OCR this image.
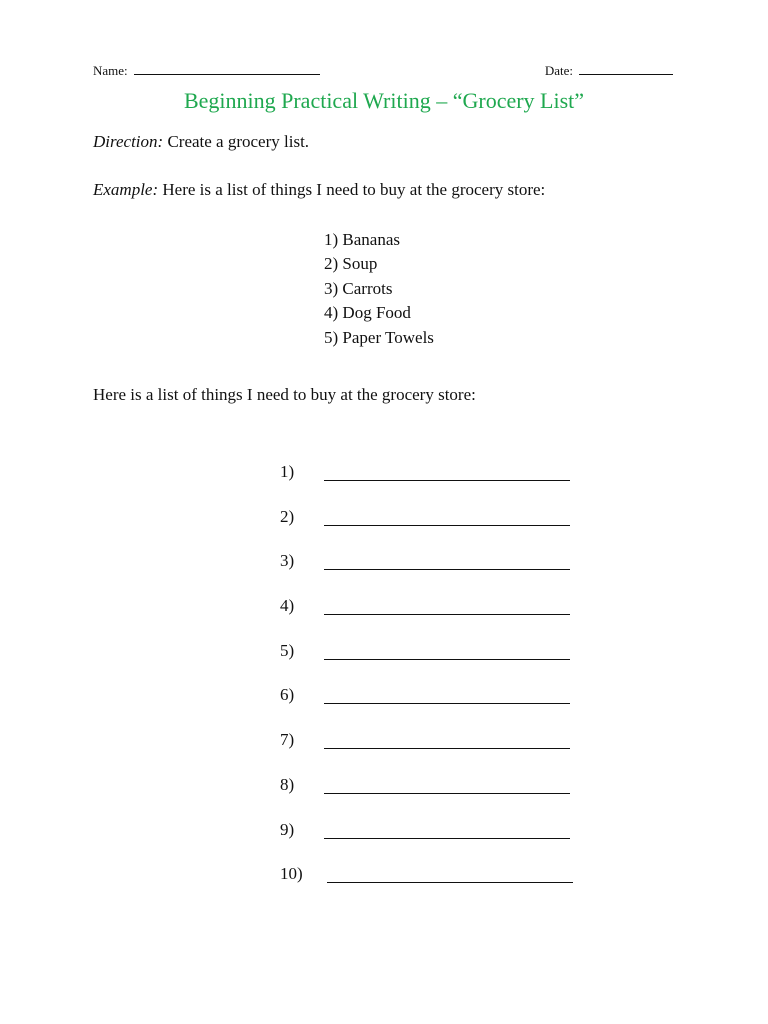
Name:	Date:
Beginning Practical Writing – “Grocery List”
Direction: Create a grocery list.
Example: Here is a list of things I need to buy at the grocery store:
1) Bananas
2) Soup
3) Carrots
4) Dog Food
5) Paper Towels
Here is a list of things I need to buy at the grocery store:
1)
2)
3)
4)
5)
6)
7)
8)
9)
10)
